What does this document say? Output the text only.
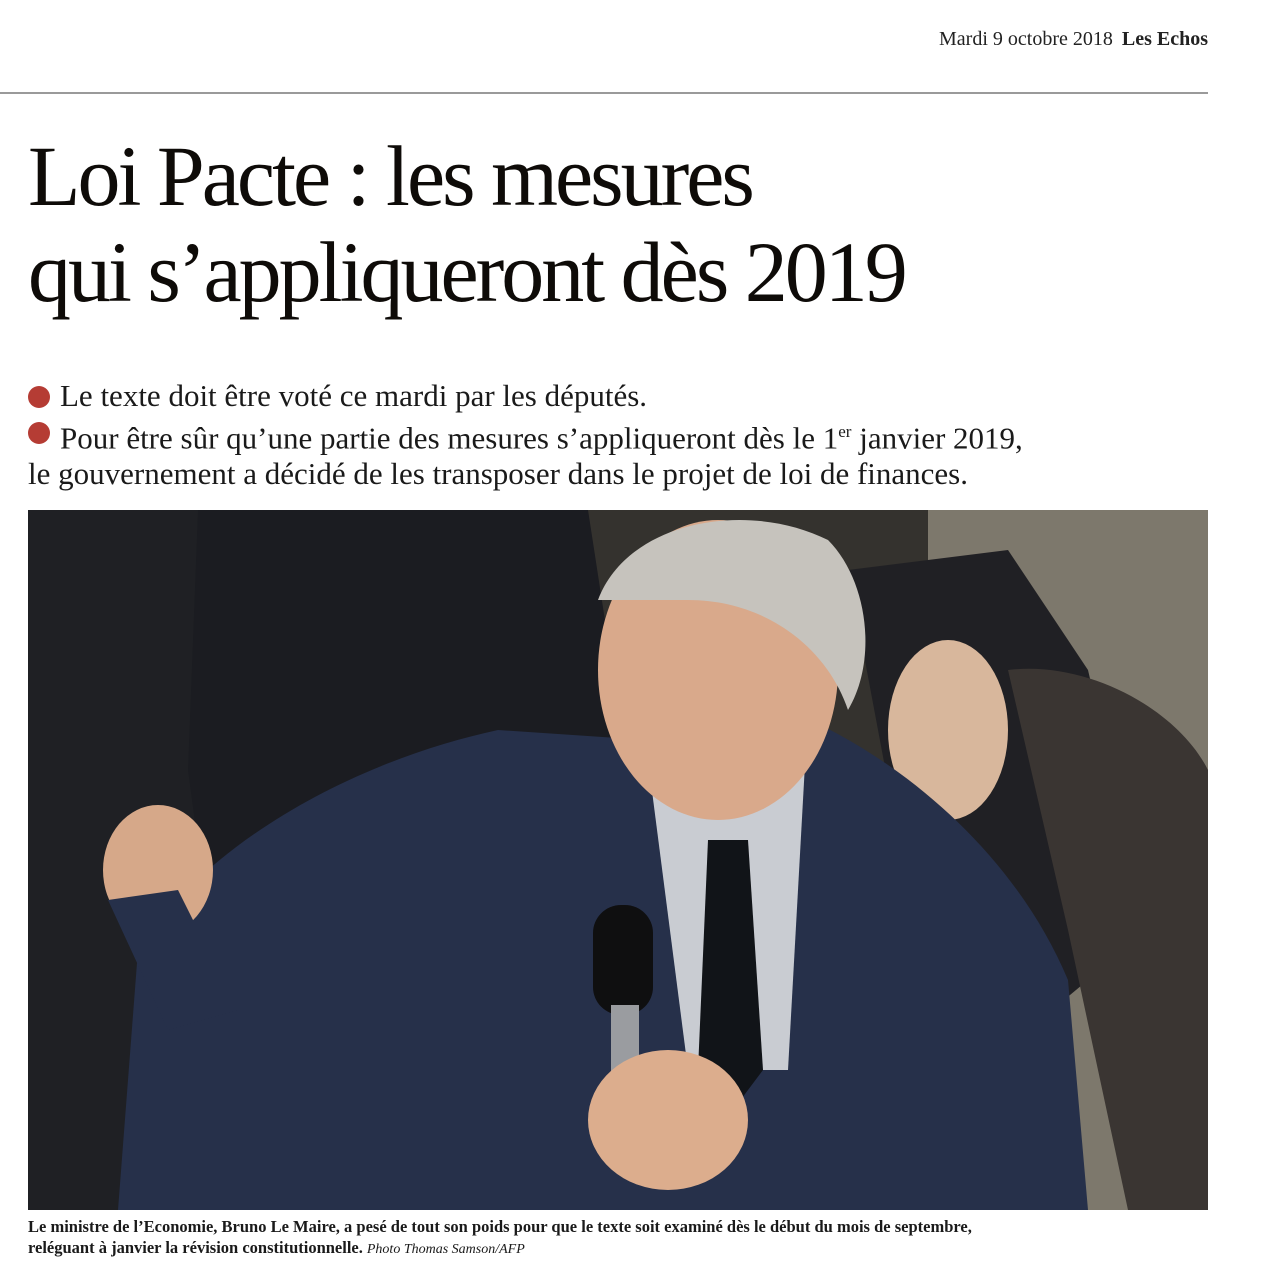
Mardi 9 octobre 2018 Les Echos
Loi Pacte : les mesures
qui s’appliqueront dès 2019
Le texte doit être voté ce mardi par les députés.
Pour être sûr qu’une partie des mesures s’appliqueront dès le 1er janvier 2019,
le gouvernement a décidé de les transposer dans le projet de loi de finances.
Le ministre de l’Economie, Bruno Le Maire, a pesé de tout son poids pour que le texte soit examiné dès le début du mois de septembre,
reléguant à janvier la révision constitutionnelle. Photo Thomas Samson/AFP
